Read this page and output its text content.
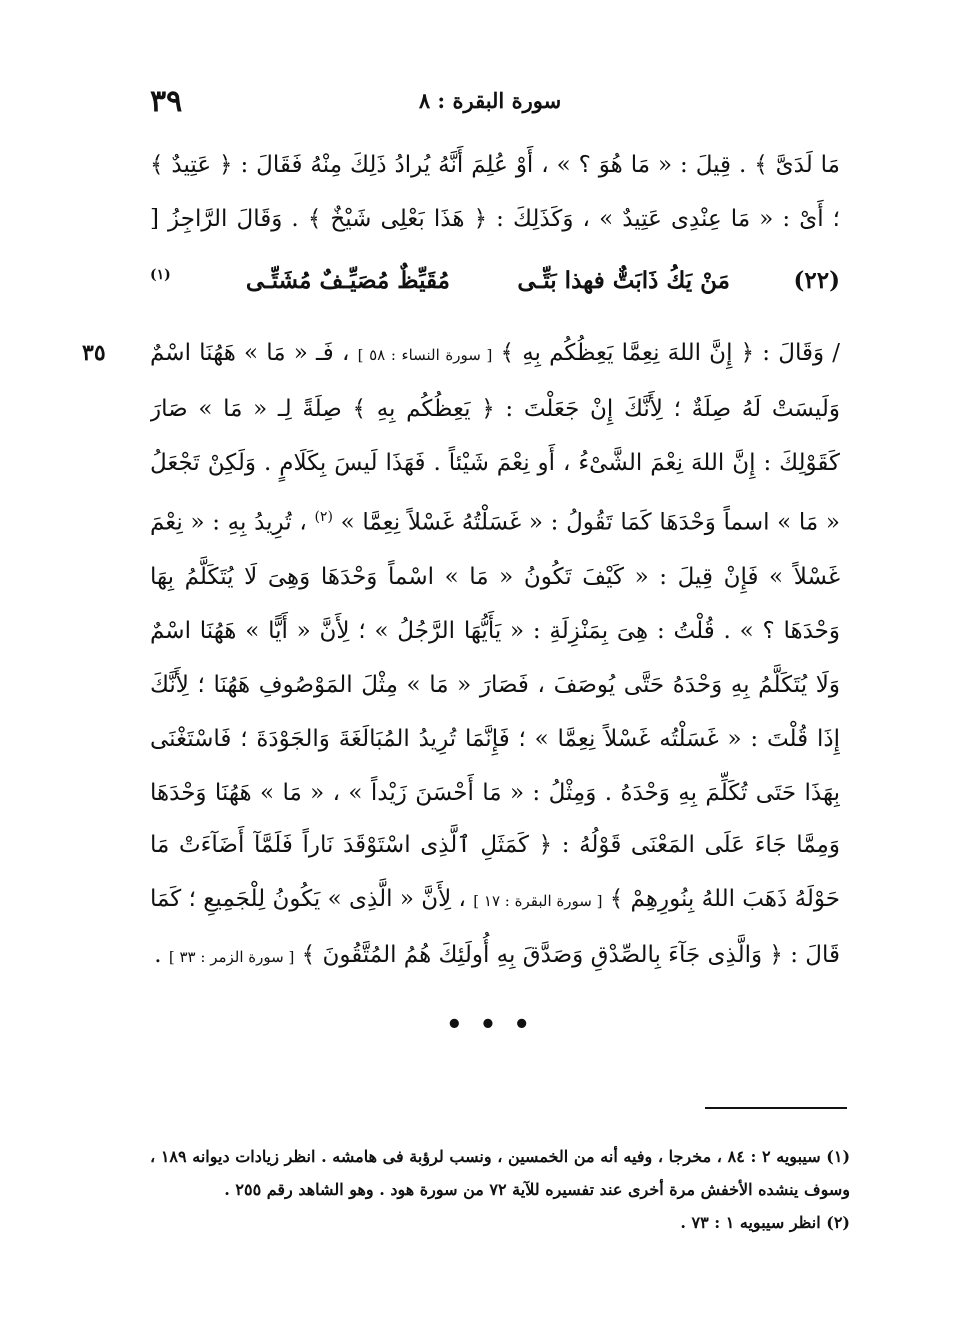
سورة البقرة : ٨
٣٩
٣٥

مَا لَدَىَّ ﴾ . قِيلَ : « مَا هُوَ ؟ » ، أَوْ عُلِمَ أَنَّهُ يُرادُ ذَلِكَ مِنْهُ فَقَالَ : ﴿ عَتِيدٌ ﴾ ؛ أَىْ : « مَا عِنْدِى عَتِيدٌ » ، وَكَذَلِكَ : ﴿ هَذَا بَعْلِى شَيْخٌ ﴾ . وَقَالَ الرَّاجِزُ [

(٢٢)
مَنْ يَكُ ذَابَتٌّ فهذا بَتِّـى
مُقَيِّظٌ مُصَيِّـفٌ مُشَتِّـى
(١)

/ وَقَالَ : ﴿ إِنَّ اللهَ نِعِمَّا يَعِظُكُم بِهِ ﴾ [ سورة النساء : ٥٨ ] ، فَـ « مَا » هَهُنَا اسْمٌ وَلَيسَتْ لَهُ صِلَةٌ ؛ لِأَنَّكَ إِنْ جَعَلْتَ : ﴿ يَعِظُكُم بِهِ ﴾ صِلَةً لِـ « مَا » صَارَ كَقَوْلِكَ : إِنَّ اللهَ نِعْمَ الشَّىْءُ ، أَو نِعْمَ شَيْئاً . فَهَذَا لَيسَ بِكَلَامٍ . وَلَكِنْ تَجْعَلُ « مَا » اسماً وَحْدَهَا كَمَا تَقُولُ : « غَسَلْتُهُ غَسْلاً نِعِمَّا » $^{(٢)}$ ، تُرِيدُ بِهِ : « نِعْمَ غَسْلاً » فَإِنْ قِيلَ : « كَيْفَ تَكُونُ « مَا » اسْماً وَحْدَهَا وَهِىَ لَا يُتَكَلَّمُ بِهَا وَحْدَهَا ؟ » . قُلْتُ : هِىَ بِمَنْزِلَةِ : « يَأَيُّهَا الرَّجُلُ » ؛ لِأَنَّ « أَيًّا » هَهُنَا اسْمٌ وَلَا يُتَكَلَّمُ بِهِ وَحْدَهُ حَتَّى يُوصَفَ ، فَصَارَ « مَا » مِثْلَ المَوْصُوفِ هَهُنَا ؛ لِأَنَّكَ إِذَا قُلْتَ : « غَسَلْتُه غَسْلاً نِعِمَّا » ؛ فَإِنَّمَا تُرِيدُ المُبَالَغَةَ وَالجَوْدَةَ ؛ فَاسْتَغْنَى بِهَذَا حَتَى تُكَلِّمَ بِهِ وَحْدَهُ . وَمِثْلُ : « مَا أَحْسَنَ زَيْداً » ، « مَا » هَهُنَا وَحْدَهَا

وَمِمَّا جَاءَ عَلَى المَعْنَى قَوْلُهُ : ﴿ كَمَثَلِ ٱلَّذِى اسْتَوْقَدَ نَاراً فَلَمَّآ أَضَآءَتْ مَا حَوْلَهُ ذَهَبَ اللهُ بِنُورِهِمْ ﴾ [ سورة البقرة : ١٧ ] ، لِأَنَّ « الَّذِى » يَكُونُ لِلْجَمِيعِ ؛ كَمَا قَالَ : ﴿ وَالَّذِى جَآءَ بِالصِّدْقِ وَصَدَّقَ بِهِ أُولَئِكَ هُمُ المُتَّقُونَ ﴾ [ سورة الزمر : ٣٣ ] .

• • •

(١) سيبويه ٢ : ٨٤ ، مخرجا ، وفيه أنه من الخمسين ، ونسب لرؤبة فى هامشه . انظر زيادات ديوانه ١٨٩ ، وسوف ينشده الأخفش مرة أخرى عند تفسيره للآية ٧٢ من سورة هود . وهو الشاهد رقم ٢٥٥ .

(٢) انظر سيبويه ١ : ٧٣ .
